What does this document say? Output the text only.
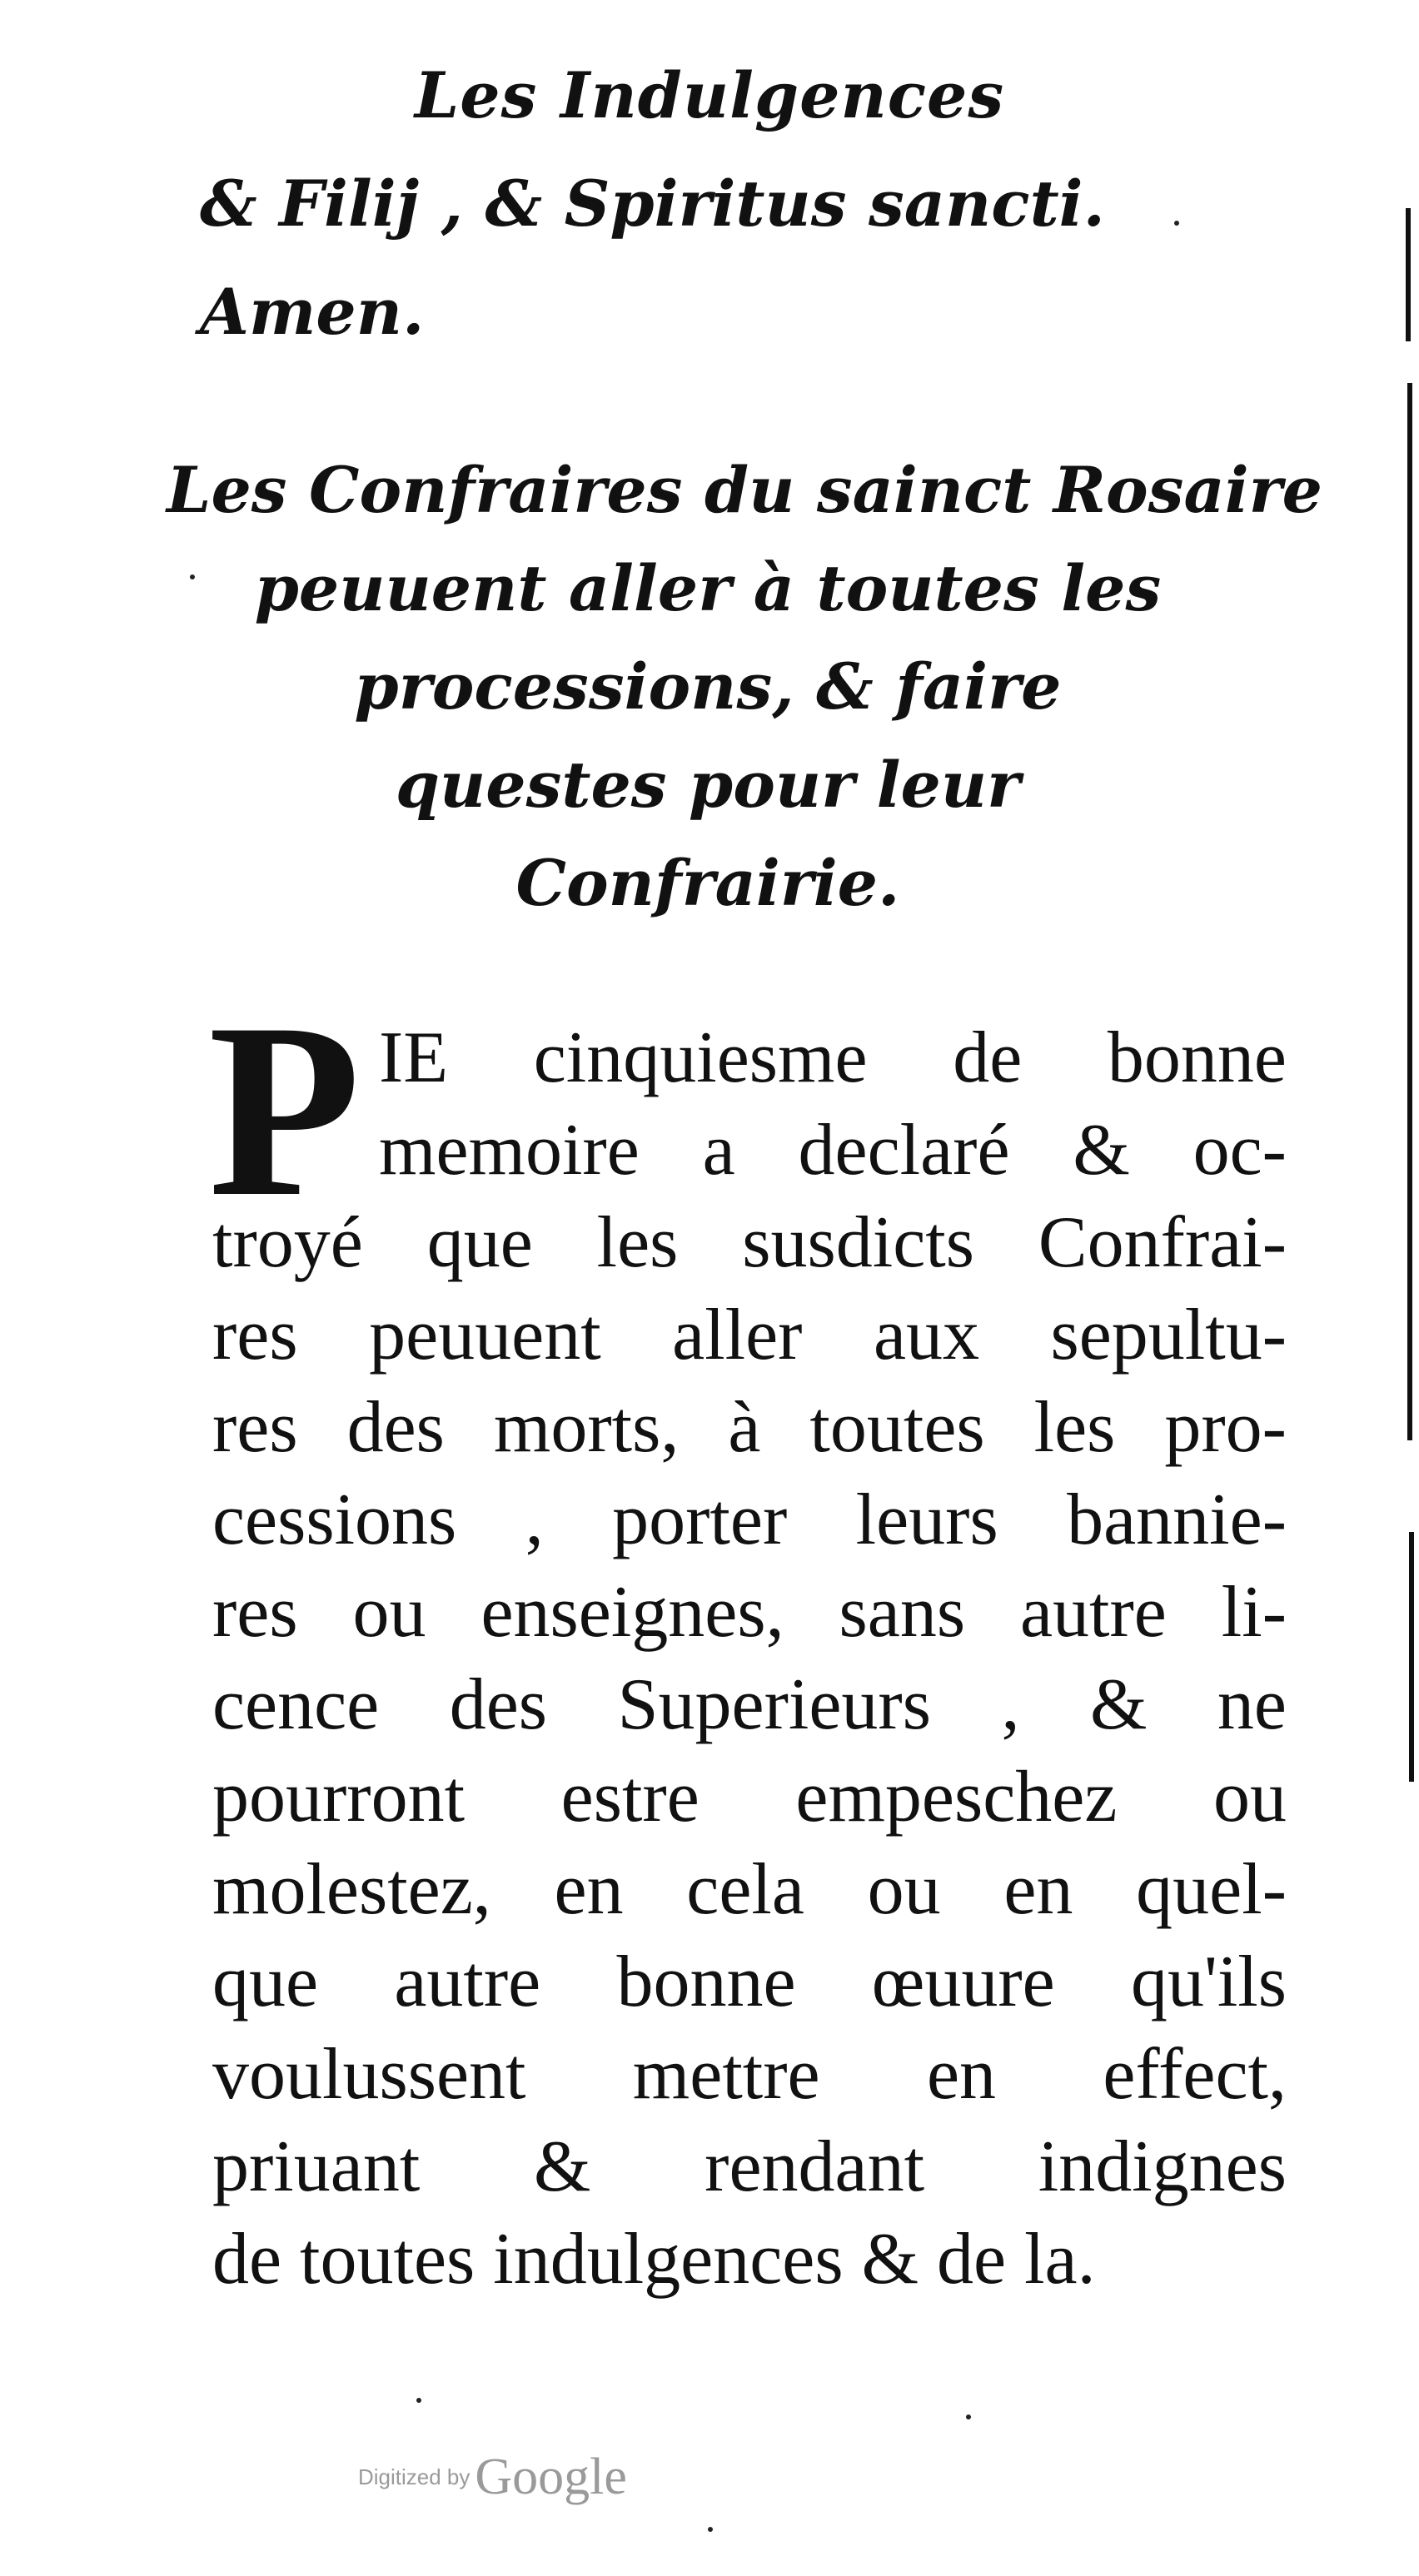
Les Indulgences
& Filij , & Spiritus sancti.
Amen.
Les Confraires du sainct Rosaire
peuuent aller à toutes les
processions, & faire
questes pour leur
Confrairie.
P IE cinquiesme de bonne
memoire a declaré & oc-
troyé que les susdicts Confrai-
res peuuent aller aux sepultu-
res des morts, à toutes les pro-
cessions , porter leurs bannie-
res ou enseignes, sans autre li-
cence des Superieurs , & ne
pourront estre empeschez ou
molestez, en cela ou en quel-
que autre bonne œuure qu'ils
voulussent mettre en effect,
priuant & rendant indignes
de toutes indulgences & de la.
Digitized byGoogle
